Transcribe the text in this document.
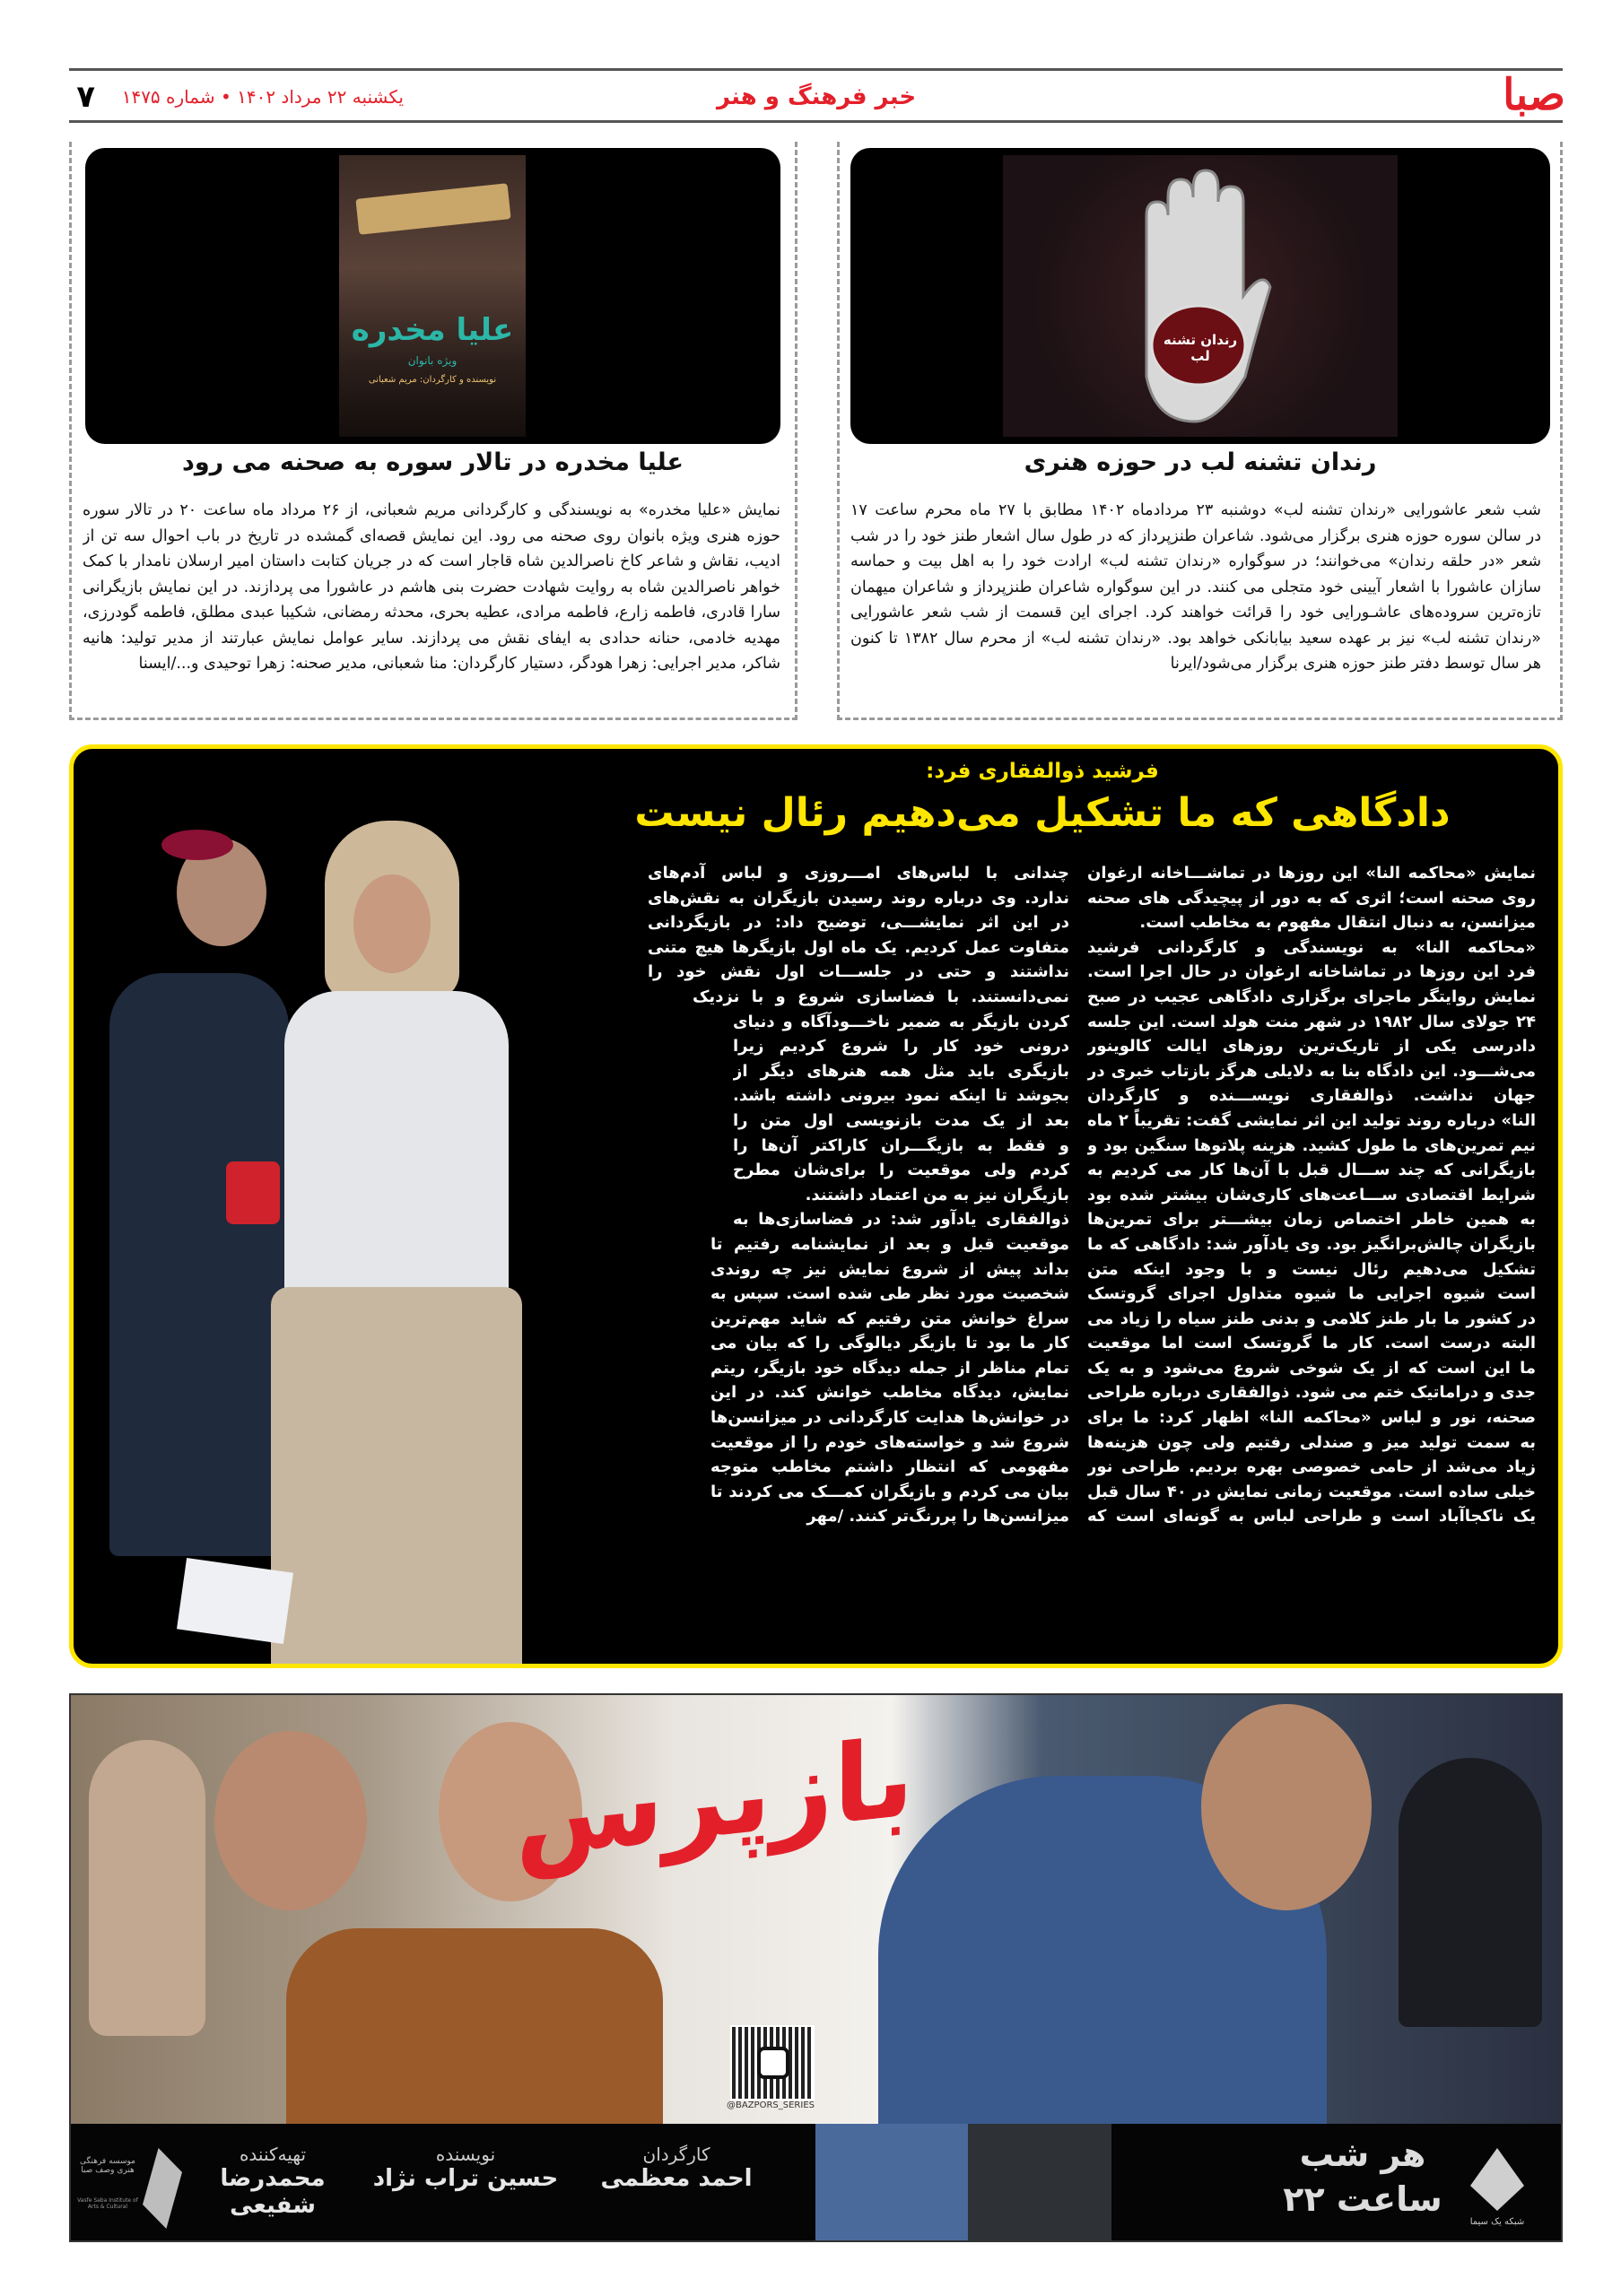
صبا
خبر فرهنگ و هنر
یکشنبه ۲۲ مرداد ۱۴۰۲ • شماره ۱۴۷۵
۷
رندان تشنه لب
رندان تشنه لب در حوزه هنری
شب شعر عاشورایی «رندان تشنه لب» دوشنبه ۲۳ مردادماه ۱۴۰۲ مطابق با ۲۷ ماه محرم ساعت ۱۷
در سالن سوره حوزه هنری برگزار می‌شود. شاعران طنزپرداز که در طول سال اشعار طنز خود را در شب
شعر «در حلقه رندان» می‌خوانند؛ در سوگواره «رندان تشنه لب» ارادت خود را به اهل بیت و حماسه
سازان عاشورا با اشعار آیینی خود متجلی می کنند. در این سوگواره شاعران طنزپرداز و شاعران میهمان
تازه‌ترین سروده‌های عاشـورایی خود را قرائت خواهند کرد. اجرای این قسمت از شب شعر عاشورایی
«رندان تشنه لب» نیز بر عهده سعید بیابانکی خواهد بود. «رندان تشنه لب» از محرم سال ۱۳۸۲ تا کنون
هر سال توسط دفتر طنز حوزه هنری برگزار می‌شود/ایرنا
علیا مخدره
ویژه بانوان
نویسنده و کارگردان: مریم شعبانی
علیا مخدره در تالار سوره به صحنه می رود
نمایش «علیا مخدره» به نویسندگی و کارگردانی مریم شعبانی، از ۲۶ مرداد ماه ساعت ۲۰ در تالار سوره
حوزه هنری ویژه بانوان روی صحنه می رود. این نمایش قصه‌ای گمشده در تاریخ در باب احوال سه تن از
ادیب، نقاش و شاعر کاخ ناصرالدین شاه قاجار است که در جریان کتابت داستان امیر ارسلان نامدار با کمک
خواهر ناصرالدین شاه به روایت شهادت حضرت بنی هاشم در عاشورا می پردازند. در این نمایش بازیگرانی
سارا قادری، فاطمه زارع، فاطمه مرادی، عطیه بحری، محدثه رمضانی، شکیبا عبدی مطلق، فاطمه گودرزی،
مهدیه خادمی، حنانه حدادی به ایفای نقش می پردازند. سایر عوامل نمایش عبارتند از مدیر تولید: هانیه
شاکر، مدیر اجرایی: زهرا هودگر، دستیار کارگردان: منا شعبانی، مدیر صحنه: زهرا توحیدی و.../ایسنا
فرشید ذوالفقاری فرد:
دادگاهی که ما تشکیل می‌دهیم رئال نیست
نمایش «محاکمه النا» این روزها در تماشـــاخانه ارغوان
روی صحنه است؛ اثری که به دور از پیچیدگی های صحنه
میزانسن، به دنبال انتقال مفهوم به مخاطب است.
«محاکمه النا» به نویسندگی و کارگردانی فرشید
فرد این روزها در تماشاخانه ارغوان در حال اجرا است.
نمایش روایتگر ماجرای برگزاری دادگاهی عجیب در صبح
۲۴ جولای سال ۱۹۸۲ در شهر منت هولد است. این جلسه
دادرسی یکی از تاریک‌ترین روزهای ایالت کالوینور
می‌شـــود. این دادگاه بنا به دلایلی هرگز بازتاب خبری در
جهان نداشت. ذوالفقاری نویســـنده و کارگردان
النا» درباره روند تولید این اثر نمایشی گفت: تقریباً ۲ ماه
نیم تمرین‌های ما طول کشید. هزینه پلاتوها سنگین بود و
بازیگرانی که چند ســـال قبل با آن‌ها کار می کردیم به
شرایط اقتصادی ســـاعت‌های کاری‌شان بیشتر شده بود
به همین خاطر اختصاص زمان بیشـــتر برای تمرین‌ها
بازیگران چالش‌برانگیز بود. وی یادآور شد: دادگاهی که ما
تشکیل می‌دهیم رئال نیست و با وجود اینکه متن
است شیوه اجرایی ما شیوه متداول اجرای گروتسک
در کشور ما بار طنز کلامی و بدنی طنز سیاه را زیاد می
البته درست است. کار ما گروتسک است اما موقعیت
ما این است که از یک شوخی شروع می‌شود و به یک
جدی و دراماتیک ختم می شود. ذوالفقاری درباره طراحی
صحنه، نور و لباس «محاکمه النا» اظهار کرد: ما برای
به سمت تولید میز و صندلی رفتیم ولی چون هزینه‌ها
زیاد می‌شد از حامی خصوصی بهره بردیم. طراحی نور
خیلی ساده است. موقعیت زمانی نمایش در ۴۰ سال قبل
یک ناکجاآباد است و طراحی لباس به گونه‌ای است که
چندانی با لباس‌های امـــروزی و لباس آدم‌های
ندارد. وی درباره روند رسیدن بازیگران به نقش‌های
در این اثر نمایشـــی، توضیح داد: در بازیگردانی
متفاوت عمل کردیم. یک ماه اول بازیگرها هیچ متنی
نداشتند و حتی در جلســـات اول نقش خود را
نمی‌دانستند. با فضاسازی شروع و با نزدیک
کردن بازیگر به ضمیر ناخـــودآگاه و دنیای
درونی خود کار را شروع کردیم زیرا
بازیگری باید مثل همه هنرهای دیگر از
بجوشد تا اینکه نمود بیرونی داشته باشد.
بعد از یک مدت بازنویسی اول متن را
و فقط به بازیگـــران کاراکتر آن‌ها را
کردم ولی موقعیت را برای‌شان مطرح
بازیگران نیز به من اعتماد داشتند.
ذوالفقاری یادآور شد: در فضاسازی‌ها به
موقعیت قبل و بعد از نمایشنامه رفتیم تا
بداند پیش از شروع نمایش نیز چه روندی
شخصیت مورد نظر طی شده است. سپس به
سراغ خوانش متن رفتیم که شاید مهم‌ترین
کار ما بود تا بازیگر دیالوگی را که بیان می
تمام مناظر از جمله دیدگاه خود بازیگر، ریتم
نمایش، دیدگاه مخاطب خوانش کند. در این
در خوانش‌ها هدایت کارگردانی در میزانسن‌ها
شروع شد و خواسته‌های خودم را از موقعیت
مفهومی که انتظار داشتم مخاطب متوجه
بیان می کردم و بازیگران کمـــک می کردند تا
میزانسن‌ها را پررنگ‌تر کنند. /مهر
بازپرس
@BAZPORS_SERIES
شبکه یک سیما
هر شب
ساعت ۲۲
کارگردان
احمد معظمی
نویسنده
حسین تراب نژاد
تهیه‌کننده
محمدرضا شفیعی
موسسه فرهنگی هنری وصف صبا
Vasfe Saba Institute of Arts & Cultural
